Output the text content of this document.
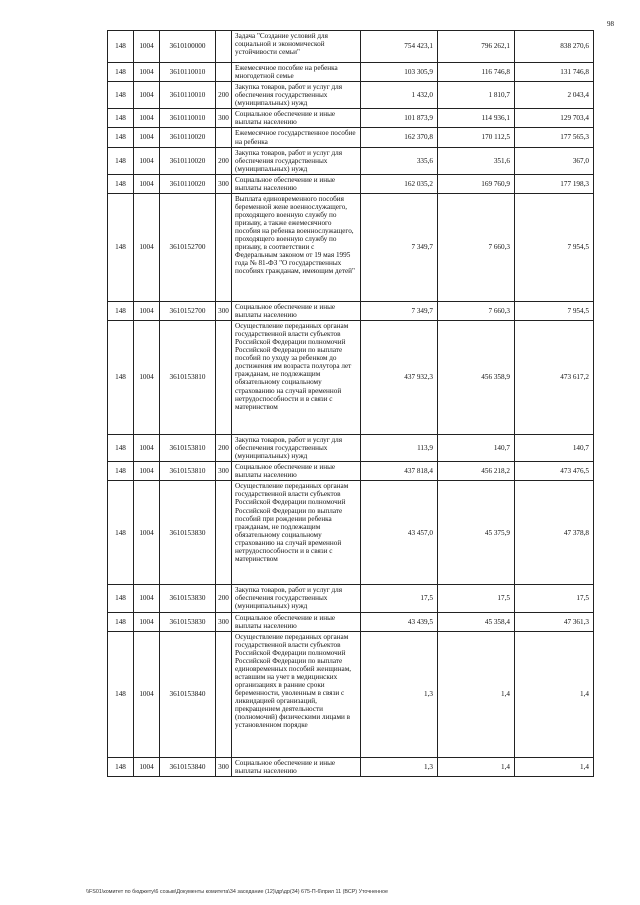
98
148	1004	3610100000		Задача "Создание условий для социальной и экономической устойчивости семьи"	754 423,1	796 262,1	838 270,6
148	1004	3610110010		Ежемесячное пособие на ребенка многодетной семье	103 305,9	116 746,8	131 746,8
148	1004	3610110010	200	Закупка товаров, работ и услуг для обеспечения государственных (муниципальных) нужд	1 432,0	1 810,7	2 043,4
148	1004	3610110010	300	Социальное обеспечение и иные выплаты населению	101 873,9	114 936,1	129 703,4
148	1004	3610110020		Ежемесячное государственное пособие на ребенка	162 370,8	170 112,5	177 565,3
148	1004	3610110020	200	Закупка товаров, работ и услуг для обеспечения государственных (муниципальных) нужд	335,6	351,6	367,0
148	1004	3610110020	300	Социальное обеспечение и иные выплаты населению	162 035,2	169 760,9	177 198,3
148	1004	3610152700		Выплата единовременного пособия беременной жене военнослужащего, проходящего военную службу по призыву, а также ежемесячного пособия на ребенка военнослужащего, проходящего военную службу по призыву, в соответствии с Федеральным законом от 19 мая 1995 года № 81-ФЗ "О государственных пособиях гражданам, имеющим детей"	7 349,7	7 660,3	7 954,5
148	1004	3610152700	300	Социальное обеспечение и иные выплаты населению	7 349,7	7 660,3	7 954,5
148	1004	3610153810		Осуществление переданных органам государственной власти субъектов Российской Федерации полномочий Российской Федерации по выплате пособий по уходу за ребенком до достижения им возраста полутора лет гражданам, не подлежащим обязательному социальному страхованию на случай временной нетрудоспособности и в связи с материнством	437 932,3	456 358,9	473 617,2
148	1004	3610153810	200	Закупка товаров, работ и услуг для обеспечения государственных (муниципальных) нужд	113,9	140,7	140,7
148	1004	3610153810	300	Социальное обеспечение и иные выплаты населению	437 818,4	456 218,2	473 476,5
148	1004	3610153830		Осуществление переданных органам государственной власти субъектов Российской Федерации полномочий Российской Федерации по выплате пособий при рождении ребенка гражданам, не подлежащим обязательному социальному страхованию на случай временной нетрудоспособности и в связи с материнством	43 457,0	45 375,9	47 378,8
148	1004	3610153830	200	Закупка товаров, работ и услуг для обеспечения государственных (муниципальных) нужд	17,5	17,5	17,5
148	1004	3610153830	300	Социальное обеспечение и иные выплаты населению	43 439,5	45 358,4	47 361,3
148	1004	3610153840		Осуществление переданных органам государственной власти субъектов Российской Федерации полномочий Российской Федерации по выплате единовременных пособий женщинам, вставшим на учет в медицинских организациях в ранние сроки беременности, уволенным в связи с ликвидацией организаций, прекращением деятельности (полномочий) физическими лицами в установленном порядке	1,3	1,4	1,4
148	1004	3610153840	300	Социальное обеспечение и иные выплаты населению	1,3	1,4	1,4
\\FS01\комитет по бюджету\6 созыв\Документы комитета\34 заседание (12)\др\др(34) 675-П-6\прил 11 (ВСР) Уточненное
